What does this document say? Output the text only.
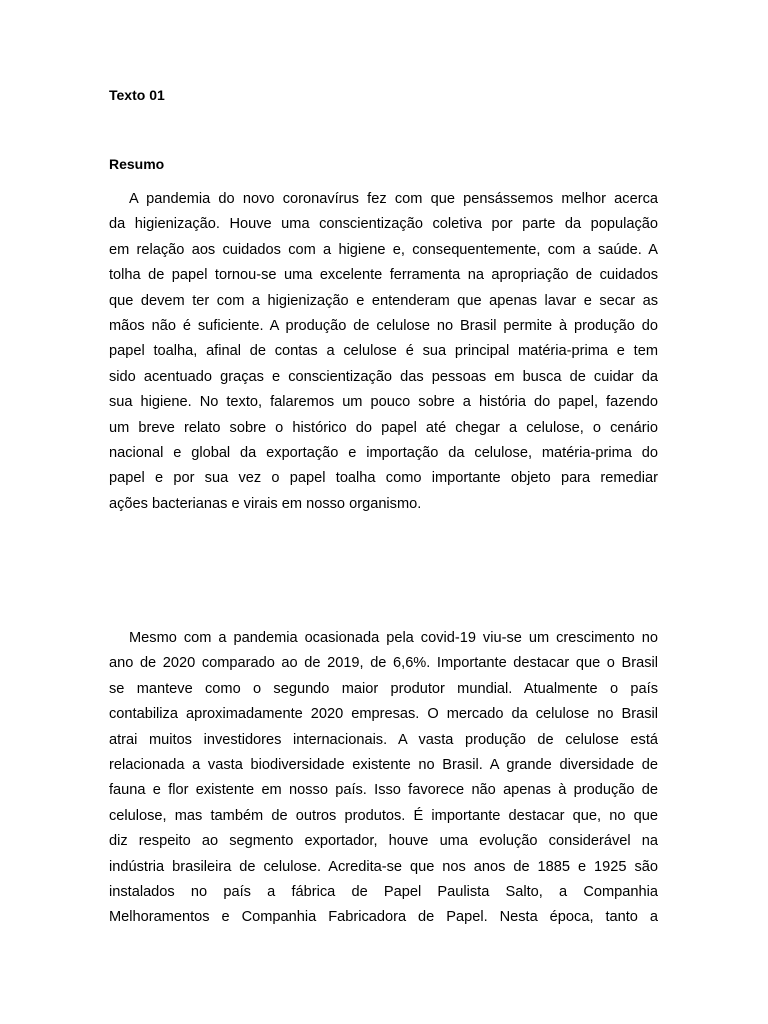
Texto 01
Resumo
A pandemia do novo coronavírus fez com que pensássemos melhor acerca
da higienização. Houve uma conscientização coletiva por parte da população
em relação aos cuidados com a higiene e, consequentemente, com a saúde. A
tolha de papel tornou-se uma excelente ferramenta na apropriação de cuidados
que devem ter com a higienização e entenderam que apenas lavar e secar as
mãos não é suficiente. A produção de celulose no Brasil permite à produção do
papel toalha, afinal de contas a celulose é sua principal matéria-prima e tem
sido acentuado graças e conscientização das pessoas em busca de cuidar da
sua higiene. No texto, falaremos um pouco sobre a história do papel, fazendo
um breve relato sobre o histórico do papel até chegar a celulose, o cenário
nacional e global da exportação e importação da celulose, matéria-prima do
papel e por sua vez o papel toalha como importante objeto para remediar
ações bacterianas e virais em nosso organismo.
Mesmo com a pandemia ocasionada pela covid-19 viu-se um crescimento no
ano de 2020 comparado ao de 2019, de 6,6%. Importante destacar que o Brasil
se manteve como o segundo maior produtor mundial. Atualmente o país
contabiliza aproximadamente 2020 empresas. O mercado da celulose no Brasil
atrai muitos investidores internacionais. A vasta produção de celulose está
relacionada a vasta biodiversidade existente no Brasil. A grande diversidade de
fauna e flor existente em nosso país. Isso favorece não apenas à produção de
celulose, mas também de outros produtos. É importante destacar que, no que
diz respeito ao segmento exportador, houve uma evolução considerável na
indústria brasileira de celulose. Acredita-se que nos anos de 1885 e 1925 são
instalados no país a fábrica de Papel Paulista Salto, a Companhia
Melhoramentos e Companhia Fabricadora de Papel. Nesta época, tanto a
